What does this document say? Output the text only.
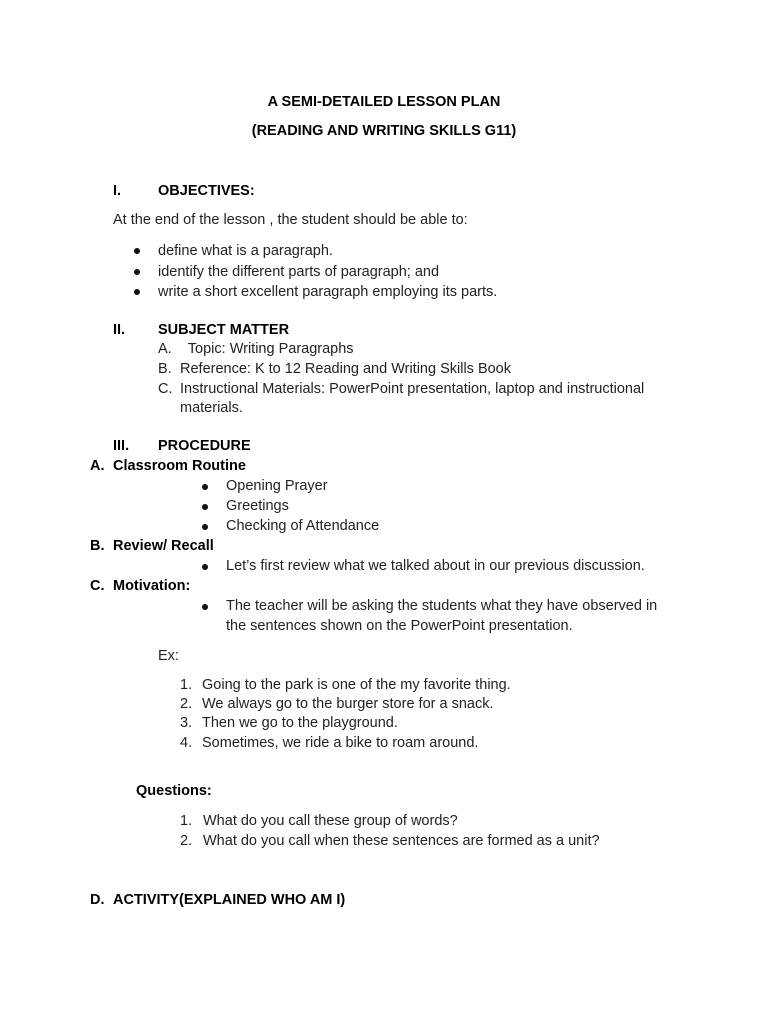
A SEMI-DETAILED LESSON PLAN
(READING AND WRITING SKILLS G11)
I.	OBJECTIVES:
At the end of the lesson , the student should be able to:
define what is a paragraph.
identify the different parts of paragraph; and
write a short excellent paragraph employing its parts.
II. SUBJECT MATTER
A. Topic: Writing Paragraphs
B. Reference: K to 12 Reading and Writing Skills Book
C. Instructional Materials: PowerPoint presentation, laptop and instructional
materials.
III. PROCEDURE
A. Classroom Routine
Opening Prayer
Greetings
Checking of Attendance
B. Review/ Recall
Let’s first review what we talked about in our previous discussion.
C. Motivation:
The teacher will be asking the students what they have observed in
the sentences shown on the PowerPoint presentation.
Ex:
1. Going to the park is one of the my favorite thing.
2. We always go to the burger store for a snack.
3. Then we go to the playground.
4. Sometimes, we ride a bike to roam around.
Questions:
1. What do you call these group of words?
2. What do you call when these sentences are formed as a unit?
D. ACTIVITY(EXPLAINED WHO AM I)
